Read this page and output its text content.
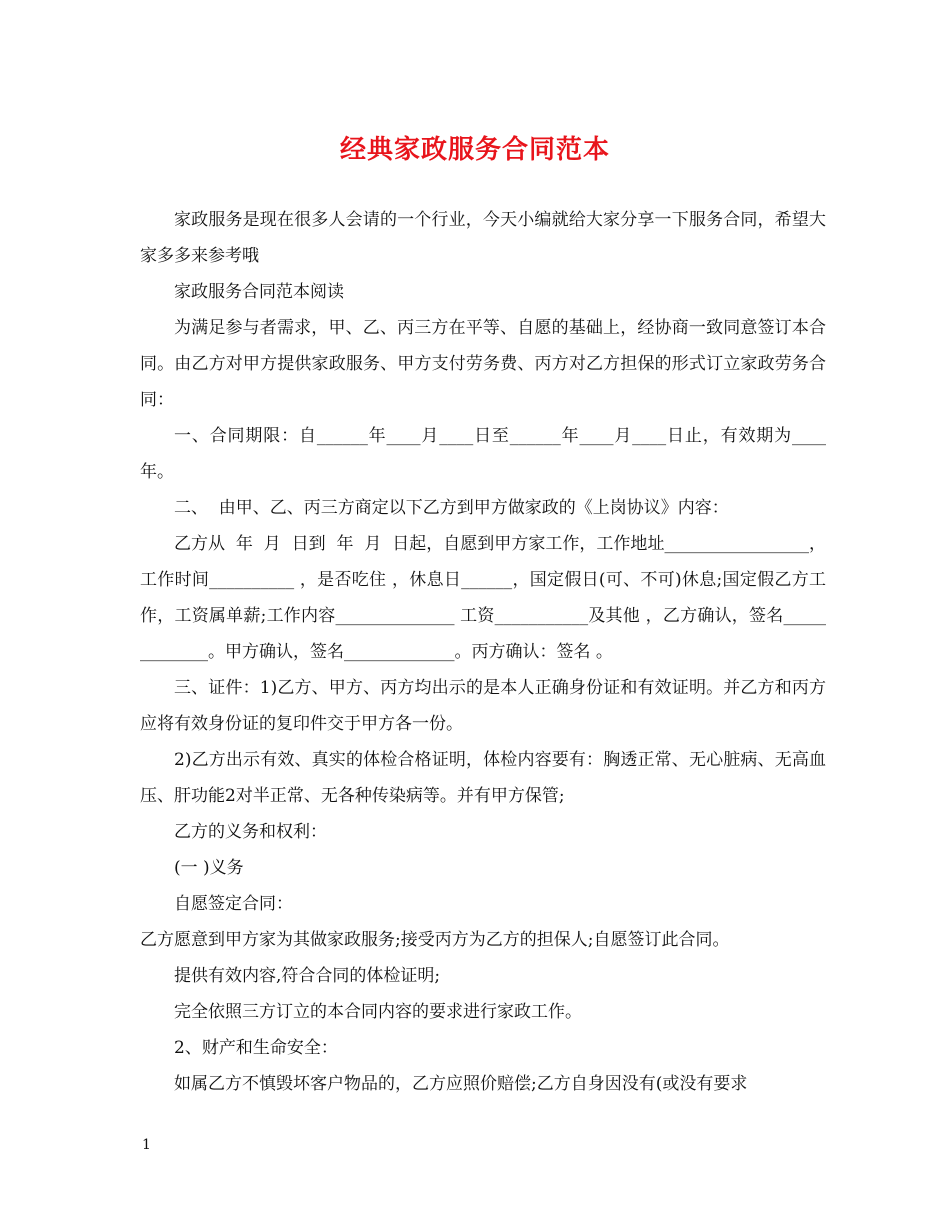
经典家政服务合同范本

家政服务是现在很多人会请的一个行业，今天小编就给大家分享一下服务合同，希望大家多多来参考哦

家政服务合同范本阅读

为满足参与者需求，甲、乙、丙三方在平等、自愿的基础上，经协商一致同意签订本合同。由乙方对甲方提供家政服务、甲方支付劳务费、丙方对乙方担保的形式订立家政劳务合同：

一、合同期限：自______年____月____日至______年____月____日止，有效期为____年。

二、  由甲、乙、丙三方商定以下乙方到甲方做家政的《上岗协议》内容：

乙方从  年  月  日到  年  月  日起，自愿到甲方家工作，工作地址_________________，工作时间__________ ，是否吃住 ，休息日______，国定假日(可、不可)休息;国定假乙方工作，工资属单薪;工作内容______________ 工资___________及其他 ，乙方确认，签名_____________。甲方确认，签名_____________。丙方确认：签名 。

三、证件：1)乙方、甲方、丙方均出示的是本人正确身份证和有效证明。并乙方和丙方应将有效身份证的复印件交于甲方各一份。

2)乙方出示有效、真实的体检合格证明，体检内容要有：胸透正常、无心脏病、无高血压、肝功能2对半正常、无各种传染病等。并有甲方保管;

乙方的义务和权利：

(一 )义务

自愿签定合同：

乙方愿意到甲方家为其做家政服务;接受丙方为乙方的担保人;自愿签订此合同。

提供有效内容,符合合同的体检证明;

完全依照三方订立的本合同内容的要求进行家政工作。

2、财产和生命安全：

如属乙方不慎毁坏客户物品的，乙方应照价赔偿;乙方自身因没有(或没有要求

1
